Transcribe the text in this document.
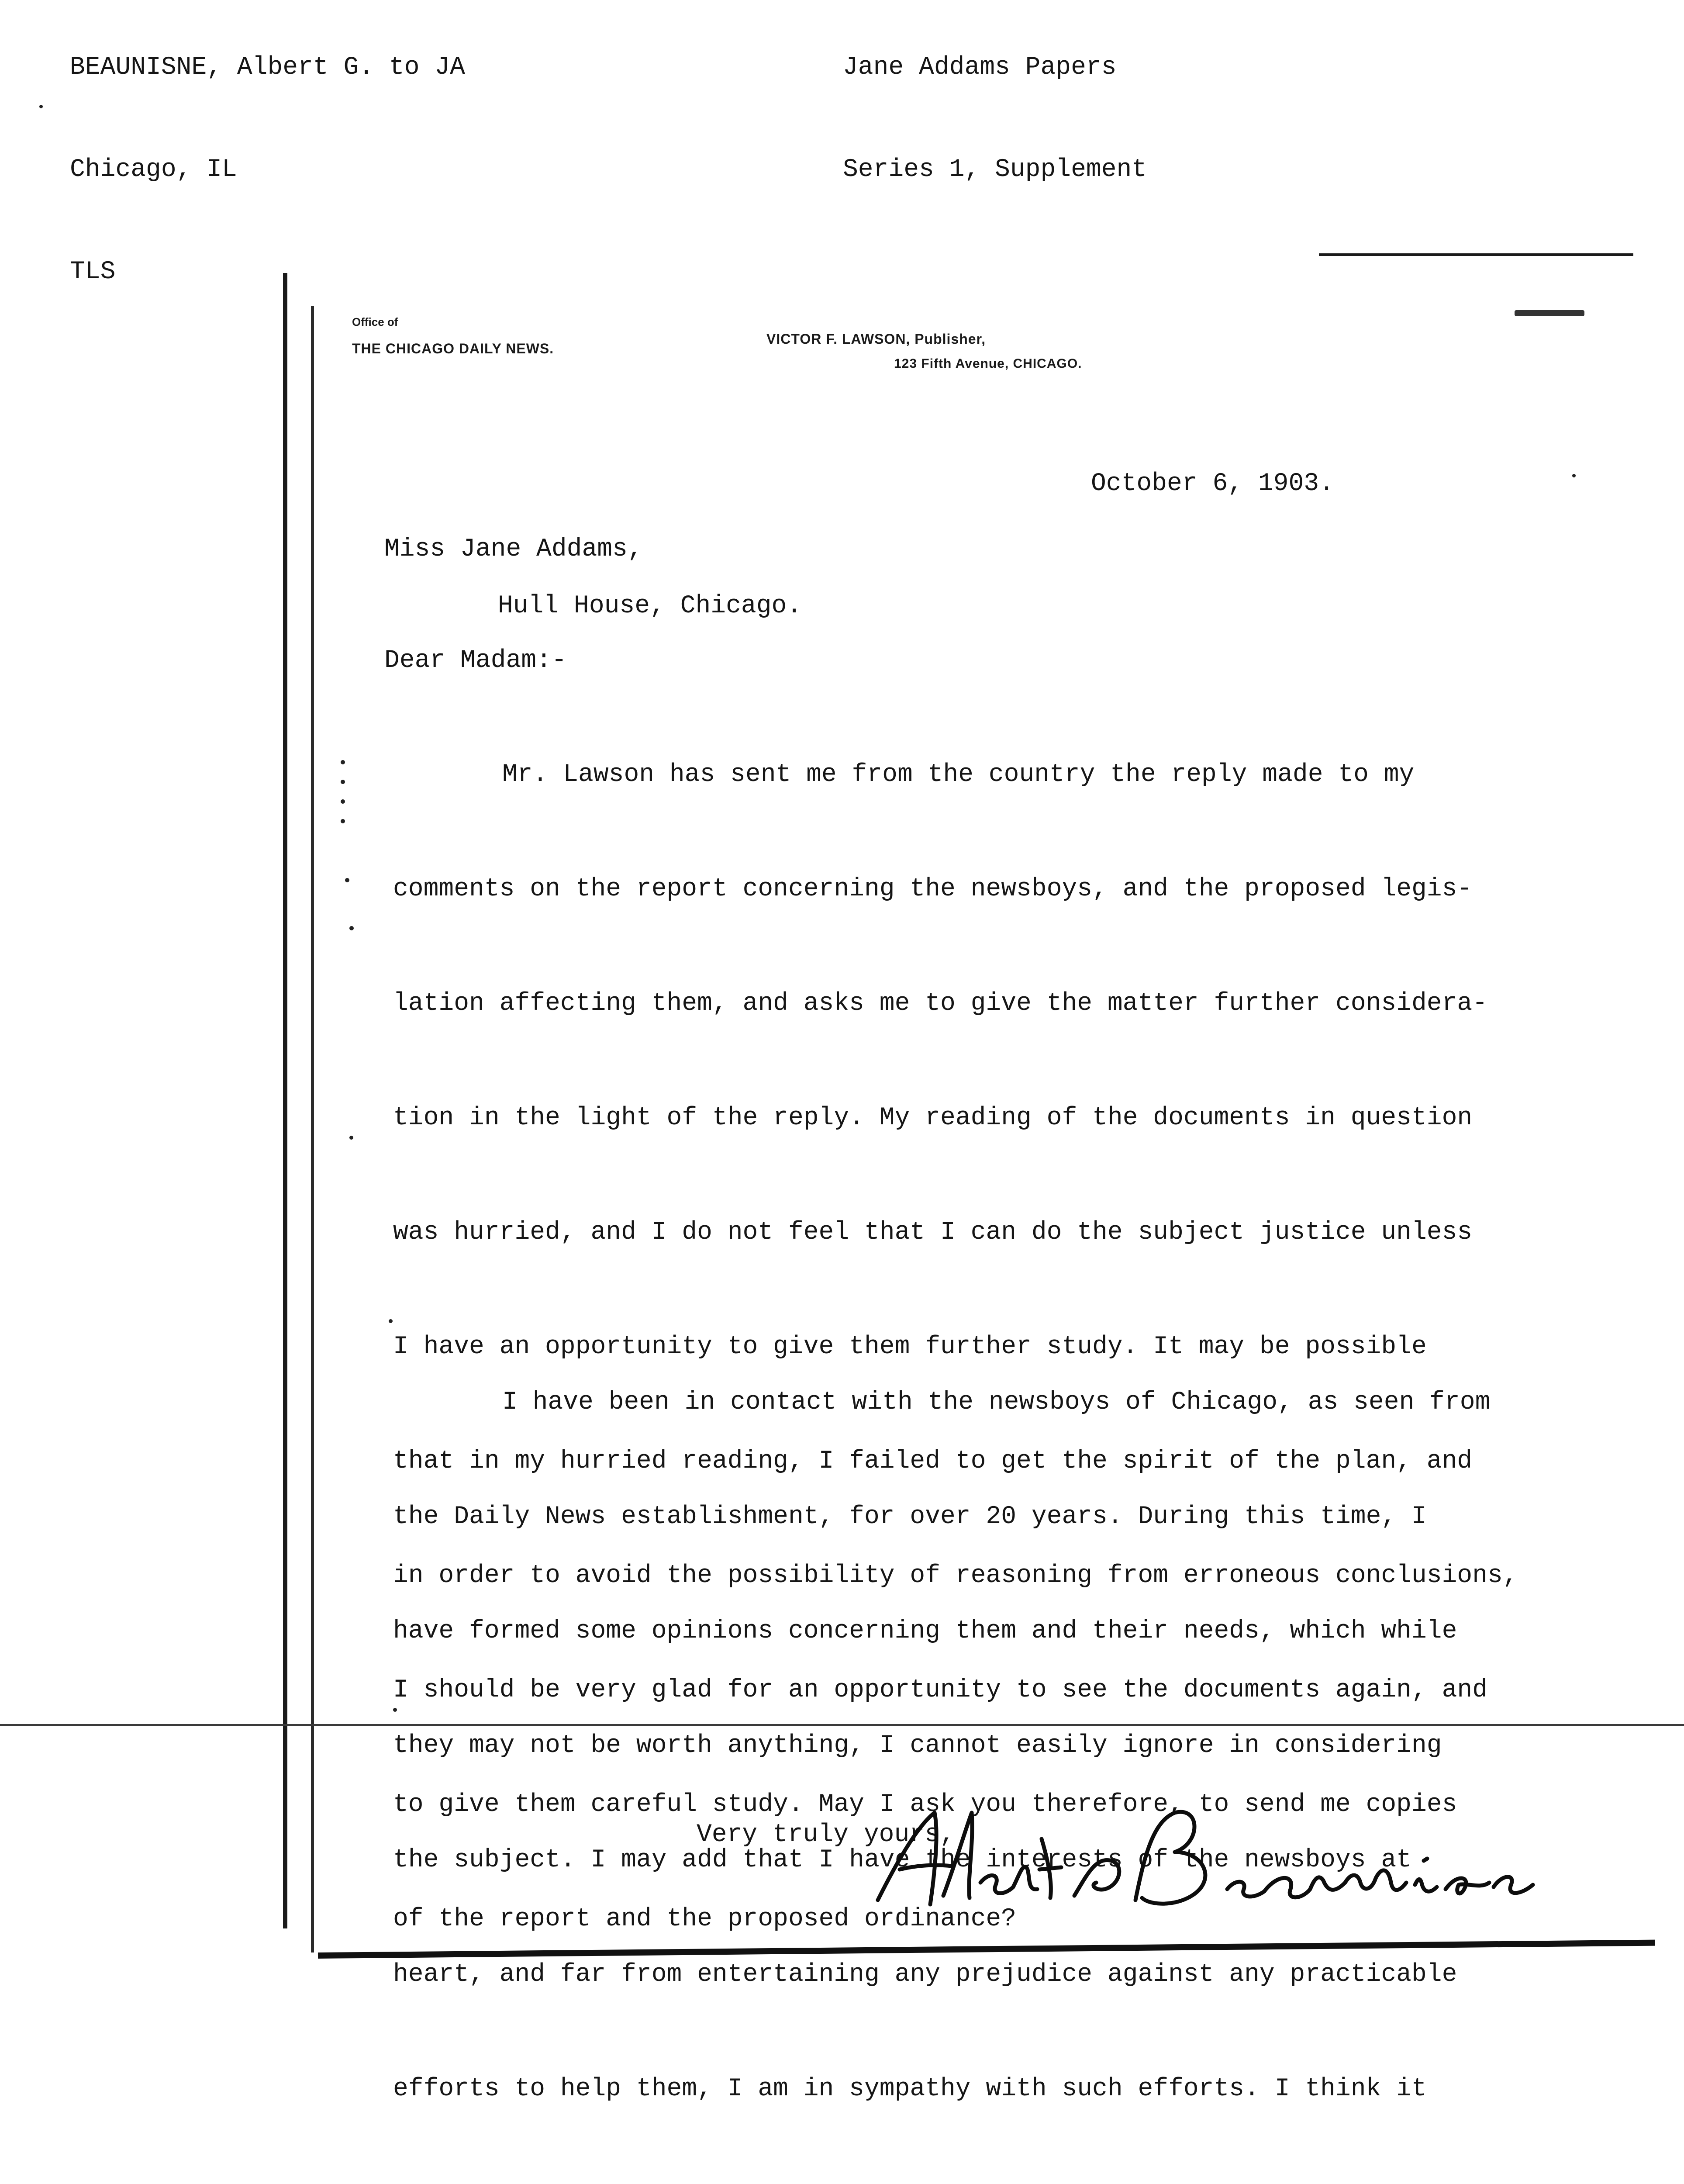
BEAUNISNE, Albert G. to JA

Chicago, IL

TLS

Jane Addams Papers

Series 1, Supplement

Office of
THE CHICAGO DAILY NEWS.
VICTOR F. LAWSON, Publisher,
123 Fifth Avenue, CHICAGO.
October 6, 1903.
Miss Jane Addams,
Hull House, Chicago.
Dear Madam:-

Mr. Lawson has sent me from the country the reply made to my

comments on the report concerning the newsboys, and the proposed legis-

lation affecting them, and asks me to give the matter further considera-

tion in the light of the reply. My reading of the documents in question

was hurried, and I do not feel that I can do the subject justice unless

I have an opportunity to give them further study. It may be possible

that in my hurried reading, I failed to get the spirit of the plan, and

in order to avoid the possibility of reasoning from erroneous conclusions,

I should be very glad for an opportunity to see the documents again, and

to give them careful study. May I ask you therefore, to send me copies

of the report and the proposed ordinance?

I have been in contact with the newsboys of Chicago, as seen from

the Daily News establishment, for over 20 years. During this time, I

have formed some opinions concerning them and their needs, which while

they may not be worth anything, I cannot easily ignore in considering

the subject. I may add that I have the interests of the newsboys at

heart, and far from entertaining any prejudice against any practicable

efforts to help them, I am in sympathy with such efforts. I think it

Very truly yours,
